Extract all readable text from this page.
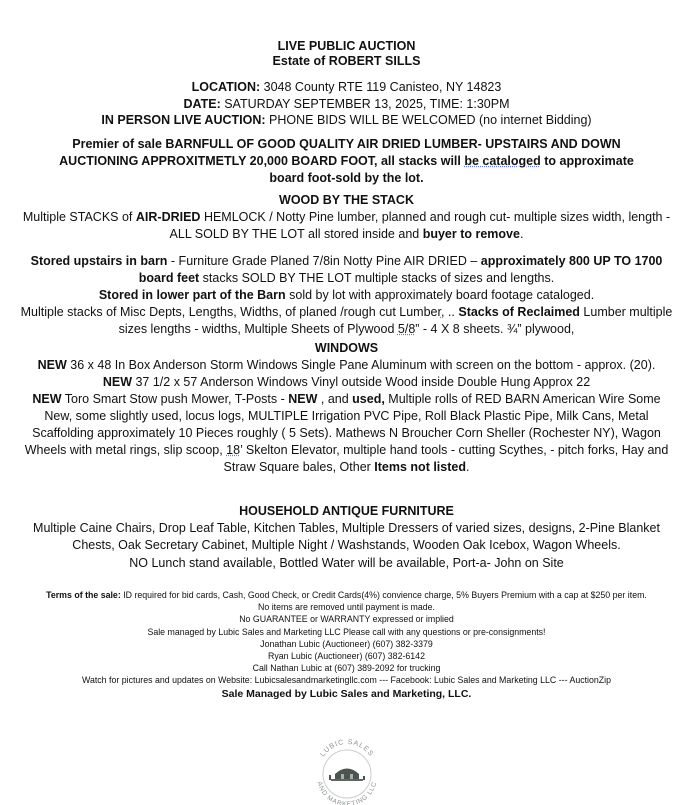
LIVE PUBLIC AUCTION

Estate of ROBERT SILLS

LOCATION: 3048 County RTE 119 Canisteo, NY 14823

DATE: SATURDAY SEPTEMBER 13, 2025, TIME: 1:30PM

IN PERSON LIVE AUCTION: PHONE BIDS WILL BE WELCOMED (no internet Bidding)

Premier of sale BARNFULL OF GOOD QUALITY AIR DRIED LUMBER- UPSTAIRS AND DOWN AUCTIONING APPROXITMETLY 20,000 BOARD FOOT, all stacks will be cataloged to approximate board foot-sold by the lot.

WOOD BY THE STACK

Multiple STACKS of AIR-DRIED HEMLOCK / Notty Pine lumber, planned and rough cut- multiple sizes width, length - ALL SOLD BY THE LOT all stored inside and buyer to remove.

Stored upstairs in barn - Furniture Grade Planed 7/8in Notty Pine AIR DRIED – approximately 800 UP TO 1700 board feet stacks SOLD BY THE LOT multiple stacks of sizes and lengths.

Stored in lower part of the Barn sold by lot with approximately board footage cataloged.

Multiple stacks of Misc Depts, Lengths, Widths, of planed /rough cut Lumber, .. Stacks of Reclaimed Lumber multiple sizes lengths - widths, Multiple Sheets of Plywood 5/8” - 4 X 8 sheets. ¾” plywood,

WINDOWS

NEW 36 x 48 In Box Anderson Storm Windows Single Pane Aluminum with screen on the bottom - approx. (20).

NEW 37 1/2 x 57 Anderson Windows Vinyl outside Wood inside Double Hung Approx 22

NEW Toro Smart Stow push Mower, T-Posts - NEW , and used, Multiple rolls of RED BARN American Wire Some New, some slightly used, locus logs, MULTIPLE Irrigation PVC Pipe, Roll Black Plastic Pipe, Milk Cans, Metal Scaffolding approximately 10 Pieces roughly ( 5 Sets). Mathews N Broucher Corn Sheller (Rochester NY), Wagon Wheels with metal rings, slip scoop, 18’ Skelton Elevator, multiple hand tools - cutting Scythes, - pitch forks, Hay and Straw Square bales, Other Items not listed.

HOUSEHOLD ANTIQUE FURNITURE

Multiple Caine Chairs, Drop Leaf Table, Kitchen Tables, Multiple Dressers of varied sizes, designs, 2-Pine Blanket Chests, Oak Secretary Cabinet, Multiple Night / Washstands, Wooden Oak Icebox, Wagon Wheels.

NO Lunch stand available, Bottled Water will be available, Port-a- John on Site

Terms of the sale: ID required for bid cards, Cash, Good Check, or Credit Cards(4%) convience charge, 5% Buyers Premium with a cap at $250 per item.

No items are removed until payment is made.

No GUARANTEE or WARRANTY expressed or implied

Sale managed by Lubic Sales and Marketing LLC Please call with any questions or pre-consignments!

Jonathan Lubic (Auctioneer) (607) 382-3379

Ryan Lubic (Auctioneer) (607) 382-6142

Call Nathan Lubic at (607) 389-2092 for trucking

Watch for pictures and updates on Website: Lubicsalesandmarketingllc.com --- Facebook: Lubic Sales and Marketing LLC --- AuctionZip

Sale Managed by Lubic Sales and Marketing, LLC.

LUBIC SALES
AND MARKETING LLC
